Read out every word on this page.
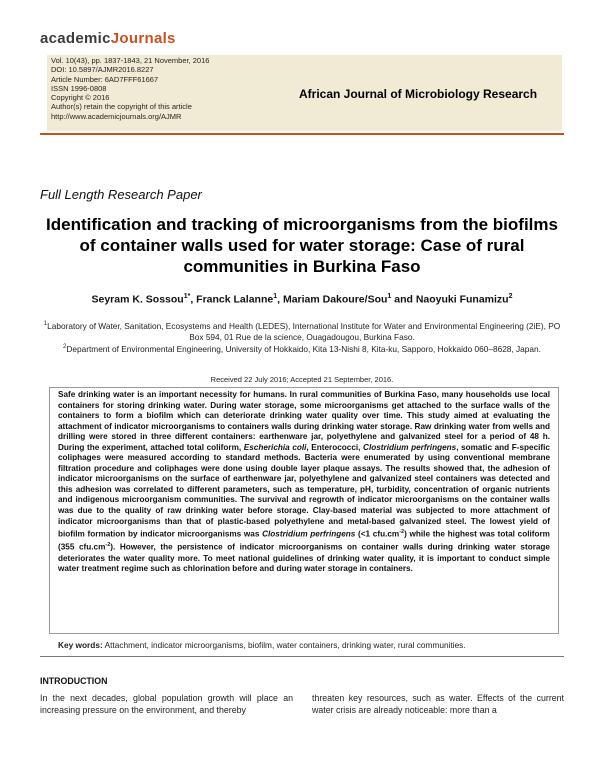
academicJournals
Vol. 10(43), pp. 1837-1843, 21 November, 2016
DOI: 10.5897/AJMR2016.8227
Article Number: 6AD7FFF61667
ISSN 1996-0808
Copyright © 2016
Author(s) retain the copyright of this article
http://www.academicjournals.org/AJMR
African Journal of Microbiology Research
Full Length Research Paper
Identification and tracking of microorganisms from the biofilms of container walls used for water storage: Case of rural communities in Burkina Faso
Seyram K. Sossou$^{1*}$, Franck Lalanne$^1$, Mariam Dakoure/Sou$^1$ and Naoyuki Funamizu$^2$
$^1$Laboratory of Water, Sanitation, Ecosystems and Health (LEDES), International Institute for Water and Environmental Engineering (2iE), PO Box 594, 01 Rue de la science, Ouagadougou, Burkina Faso.
$^2$Department of Environmental Engineering, University of Hokkaido, Kita 13-Nishi 8, Kita-ku, Sapporo, Hokkaido 060–8628, Japan.
Received 22 July 2016; Accepted 21 September, 2016.
Safe drinking water is an important necessity for humans. In rural communities of Burkina Faso, many households use local containers for storing drinking water. During water storage, some microorganisms get attached to the surface walls of the containers to form a biofilm which can deteriorate drinking water quality over time. This study aimed at evaluating the attachment of indicator microorganisms to containers walls during drinking water storage. Raw drinking water from wells and drilling were stored in three different containers: earthenware jar, polyethylene and galvanized steel for a period of 48 h. During the experiment, attached total coliform, Escherichia coli, Enterococci, Clostridium perfringens, somatic and F-specific coliphages were measured according to standard methods. Bacteria were enumerated by using conventional membrane filtration procedure and coliphages were done using double layer plaque assays. The results showed that, the adhesion of indicator microorganisms on the surface of earthenware jar, polyethylene and galvanized steel containers was detected and this adhesion was correlated to different parameters, such as temperature, pH, turbidity, concentration of organic nutrients and indigenous microorganism communities. The survival and regrowth of indicator microorganisms on the container walls was due to the quality of raw drinking water before storage. Clay-based material was subjected to more attachment of indicator microorganisms than that of plastic-based polyethylene and metal-based galvanized steel. The lowest yield of biofilm formation by indicator microorganisms was Clostridium perfringens (<1 $cfu.cm^{-2}$) while the highest was total coliform (355 $cfu.cm^{-2}$). However, the persistence of indicator microorganisms on container walls during drinking water storage deteriorates the water quality more. To meet national guidelines of drinking water quality, it is important to conduct simple water treatment regime such as chlorination before and during water storage in containers.
Key words: Attachment, indicator microorganisms, biofilm, water containers, drinking water, rural communities.
INTRODUCTION
In the next decades, global population growth will place an increasing pressure on the environment, and thereby
threaten key resources, such as water. Effects of the current water crisis are already noticeable: more than a
